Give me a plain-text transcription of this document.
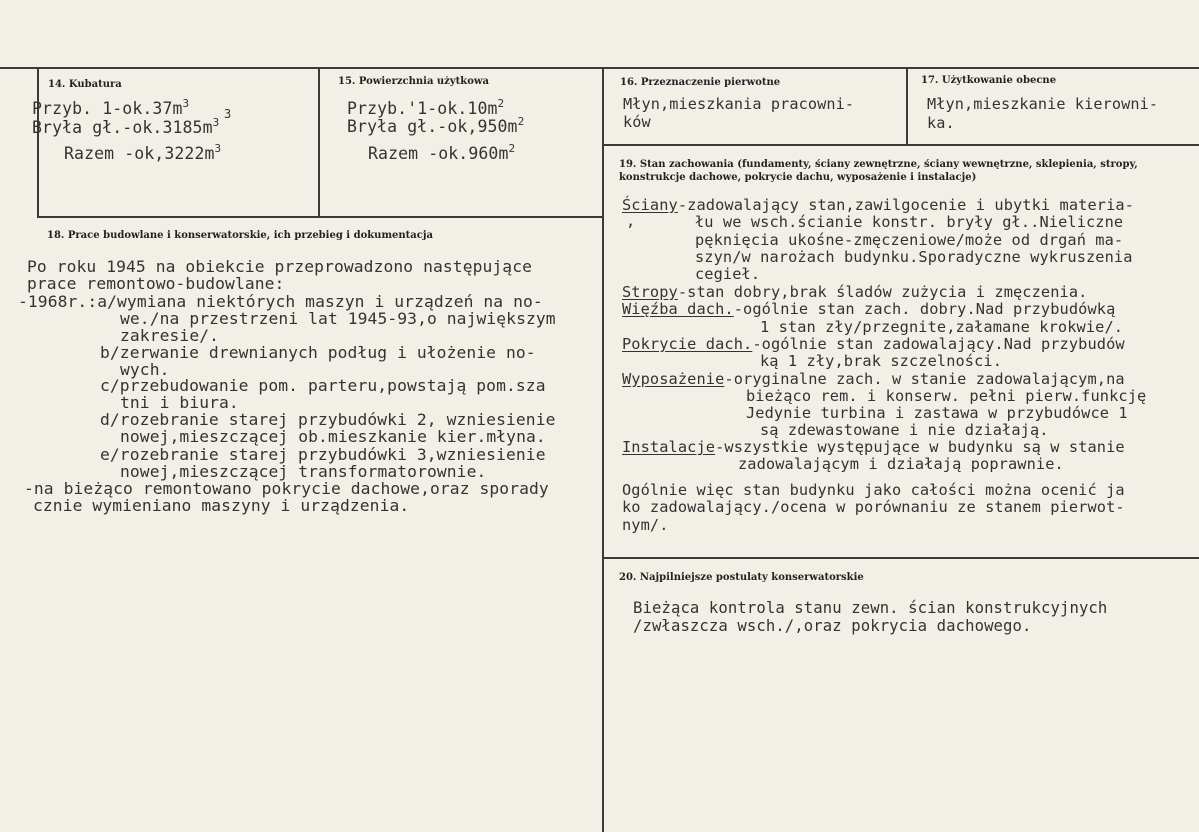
14. Kubatura
Przyb. $1-ok.37m^3$
Bryła $gł.-ok.3185m^3$
3
Razem $-ok,3222m^3$
15. Powierzchnia użytkowa
$Przyb.'1-ok.10m^2$
Bryła $gł.-ok,950m^2$
Razem $-ok.960m^2$
16. Przeznaczenie pierwotne
Młyn,mieszkania pracowni-
ków
17. Użytkowanie obecne
Młyn,mieszkanie kierowni-
ka.
18. Prace budowlane i konserwatorskie, ich przebieg i dokumentacja
Po roku 1945 na obiekcie przeprowadzono następujące
prace remontowo-budowlane:
-1968r.:a/wymiana niektórych maszyn i urządzeń na no-
we./na przestrzeni lat 1945-93,o największym
zakresie/.
b/zerwanie drewnianych podług i ułożenie no-
wych.
c/przebudowanie pom. parteru,powstają pom.sza
tni i biura.
d/rozebranie starej przybudówki 2, wzniesienie
nowej,mieszczącej ob.mieszkanie kier.młyna.
e/rozebranie starej przybudówki 3,wzniesienie
nowej,mieszczącej transformatorownie.
-na bieżąco remontowano pokrycie dachowe,oraz sporady
cznie wymieniano maszyny i urządzenia.
19. Stan zachowania (fundamenty, ściany zewnętrzne, ściany wewnętrzne, sklepienia, stropy, konstrukcje dachowe, pokrycie dachu, wyposażenie i instalacje)
Ściany-zadowalający stan,zawilgocenie i ubytki materia-
,	łu we wsch.ścianie konstr. bryły gł..Nieliczne
pęknięcia ukośne-zmęczeniowe/może od drgań ma-
szyn/w narożach budynku.Sporadyczne wykruszenia
cegieł.
Stropy-stan dobry,brak śladów zużycia i zmęczenia.
Więźba dach.-ogólnie stan zach. dobry.Nad przybudówką
1 stan zły/przegnite,załamane krokwie/.
Pokrycie dach.-ogólnie stan zadowalający.Nad przybudów
ką 1 zły,brak szczelności.
Wyposażenie-oryginalne zach. w stanie zadowalającym,na
bieżąco rem. i konserw. pełni pierw.funkcję
Jedynie turbina i zastawa w przybudówce 1
są zdewastowane i nie działają.
Instalacje-wszystkie występujące w budynku są w stanie
zadowalającym i działają poprawnie.
Ogólnie więc stan budynku jako całości można ocenić ja
ko zadowalający./ocena w porównaniu ze stanem pierwot-
nym/.
20. Najpilniejsze postulaty konserwatorskie
Bieżąca kontrola stanu zewn. ścian konstrukcyjnych
/zwłaszcza wsch./,oraz pokrycia dachowego.
